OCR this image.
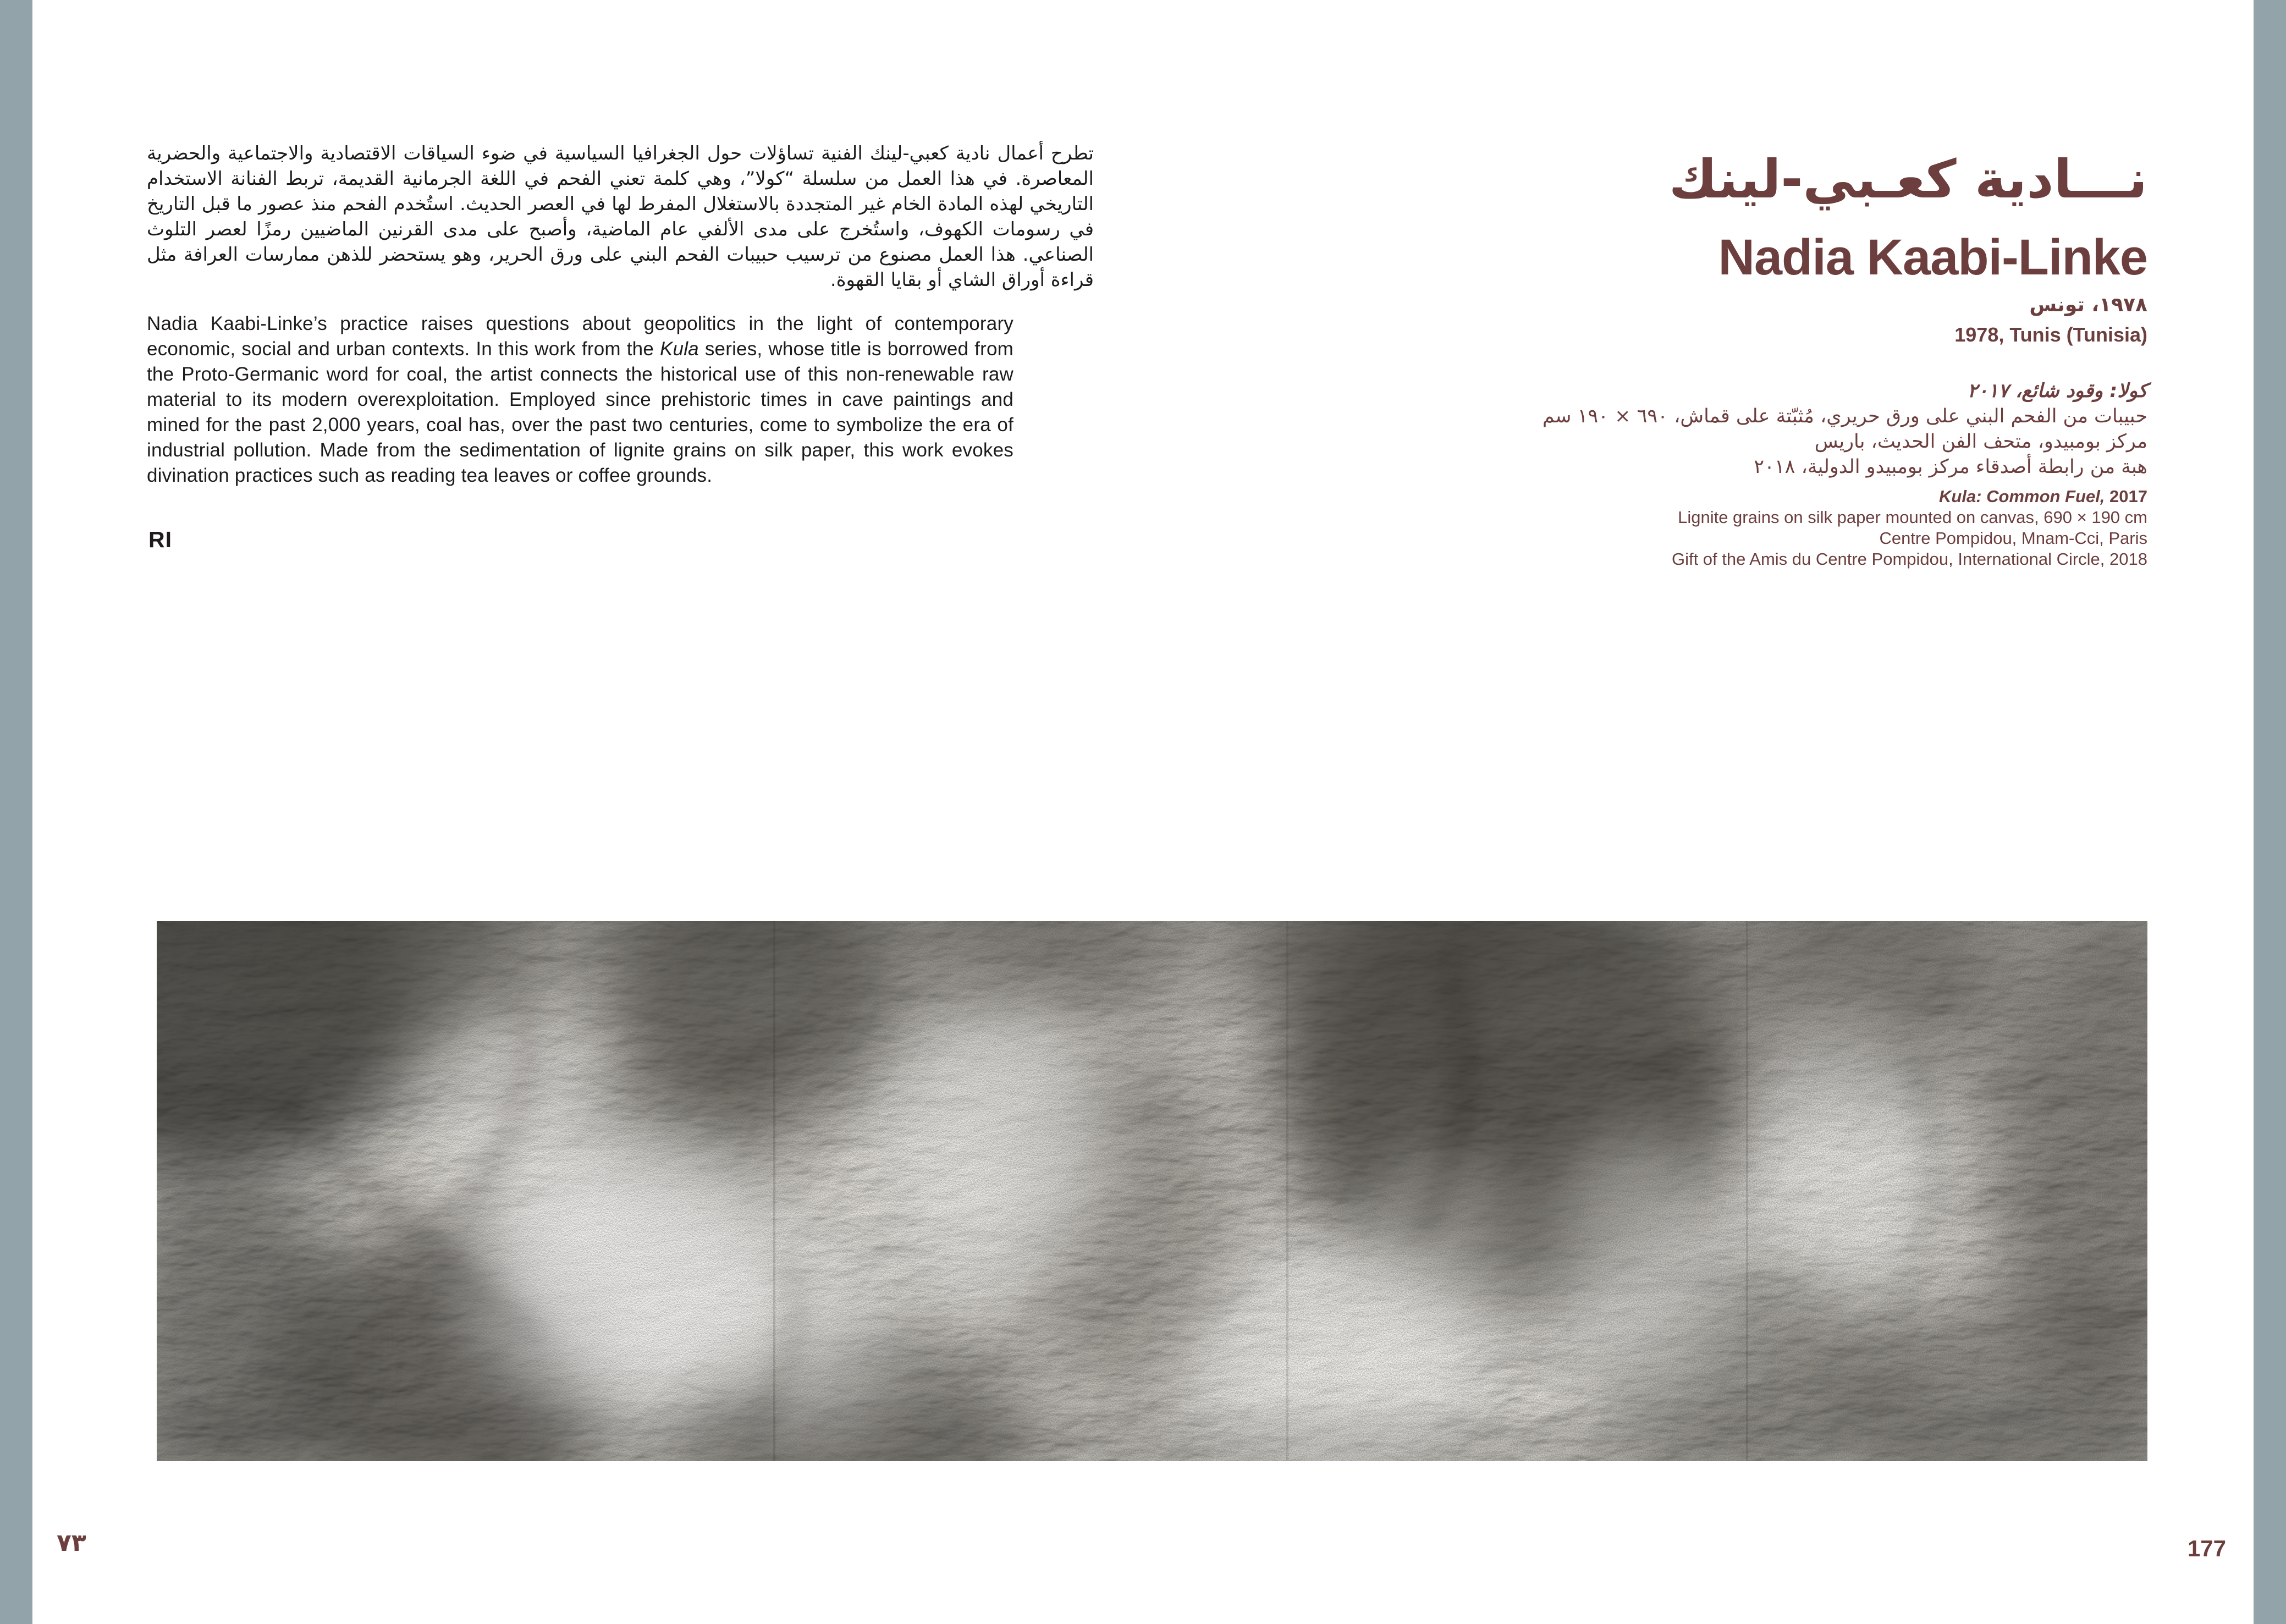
تطرح أعمال نادية كعبي-لينك الفنية تساؤلات حول الجغرافيا السياسية في ضوء السياقات الاقتصادية والاجتماعية والحضرية المعاصرة. في هذا العمل من سلسلة “كولا”، وهي كلمة تعني الفحم في اللغة الجرمانية القديمة، تربط الفنانة الاستخدام التاريخي لهذه المادة الخام غير المتجددة بالاستغلال المفرط لها في العصر الحديث. استُخدم الفحم منذ عصور ما قبل التاريخ في رسومات الكهوف، واستُخرج على مدى الألفي عام الماضية، وأصبح على مدى القرنين الماضيين رمزًا لعصر التلوث الصناعي. هذا العمل مصنوع من ترسيب حبيبات الفحم البني على ورق الحرير، وهو يستحضر للذهن ممارسات العرافة مثل قراءة أوراق الشاي أو بقايا القهوة.

Nadia Kaabi-Linke’s practice raises questions about geopolitics in the light of contemporary economic, social and urban contexts. In this work from the Kula series, whose title is borrowed from the Proto-Germanic word for coal, the artist connects the historical use of this non-renewable raw material to its modern overexploitation. Employed since prehistoric times in cave paintings and mined for the past 2,000 years, coal has, over the past two centuries, come to symbolize the era of industrial pollution. Made from the sedimentation of lignite grains on silk paper, this work evokes divination practices such as reading tea leaves or coffee grounds.

RI
نـــادية كعـبي-لينك
Nadia Kaabi-Linke
١٩٧٨، تونس
1978, Tunis (Tunisia)
كولا: وقود شائع، ٢٠١٧
حبيبات من الفحم البني على ورق حريري، مُثبّتة على قماش، ٦٩٠ × ١٩٠ سم
مركز بومبيدو، متحف الفن الحديث، باريس
هبة من رابطة أصدقاء مركز بومبيدو الدولية، ٢٠١٨
Kula: Common Fuel, 2017
Lignite grains on silk paper mounted on canvas, 690 × 190 cm
Centre Pompidou, Mnam-Cci, Paris
Gift of the Amis du Centre Pompidou, International Circle, 2018
٧٣	177
